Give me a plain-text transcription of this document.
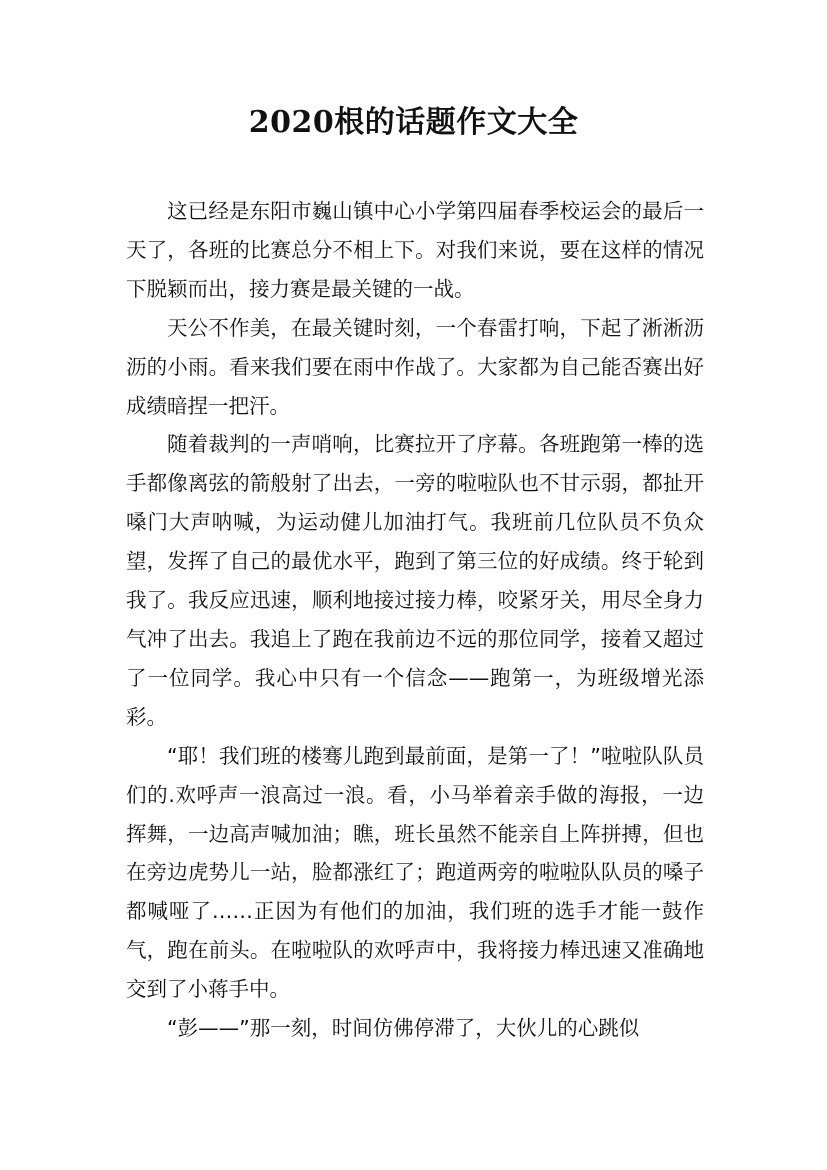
2020根的话题作文大全

这已经是东阳市巍山镇中心小学第四届春季校运会的最后一天了，各班的比赛总分不相上下。对我们来说，要在这样的情况下脱颖而出，接力赛是最关键的一战。

天公不作美，在最关键时刻，一个春雷打响，下起了淅淅沥沥的小雨。看来我们要在雨中作战了。大家都为自己能否赛出好成绩暗捏一把汗。

随着裁判的一声哨响，比赛拉开了序幕。各班跑第一棒的选手都像离弦的箭般射了出去，一旁的啦啦队也不甘示弱，都扯开嗓门大声呐喊，为运动健儿加油打气。我班前几位队员不负众望，发挥了自己的最优水平，跑到了第三位的好成绩。终于轮到我了。我反应迅速，顺利地接过接力棒，咬紧牙关，用尽全身力气冲了出去。我追上了跑在我前边不远的那位同学，接着又超过了一位同学。我心中只有一个信念——跑第一，为班级增光添彩。

“耶！我们班的楼骞儿跑到最前面，是第一了！”啦啦队队员们的.欢呼声一浪高过一浪。看，小马举着亲手做的海报，一边挥舞，一边高声喊加油；瞧，班长虽然不能亲自上阵拼搏，但也在旁边虎势儿一站，脸都涨红了；跑道两旁的啦啦队队员的嗓子都喊哑了……正因为有他们的加油，我们班的选手才能一鼓作气，跑在前头。在啦啦队的欢呼声中，我将接力棒迅速又准确地交到了小蒋手中。

“彭——”那一刻，时间仿佛停滞了，大伙儿的心跳似
